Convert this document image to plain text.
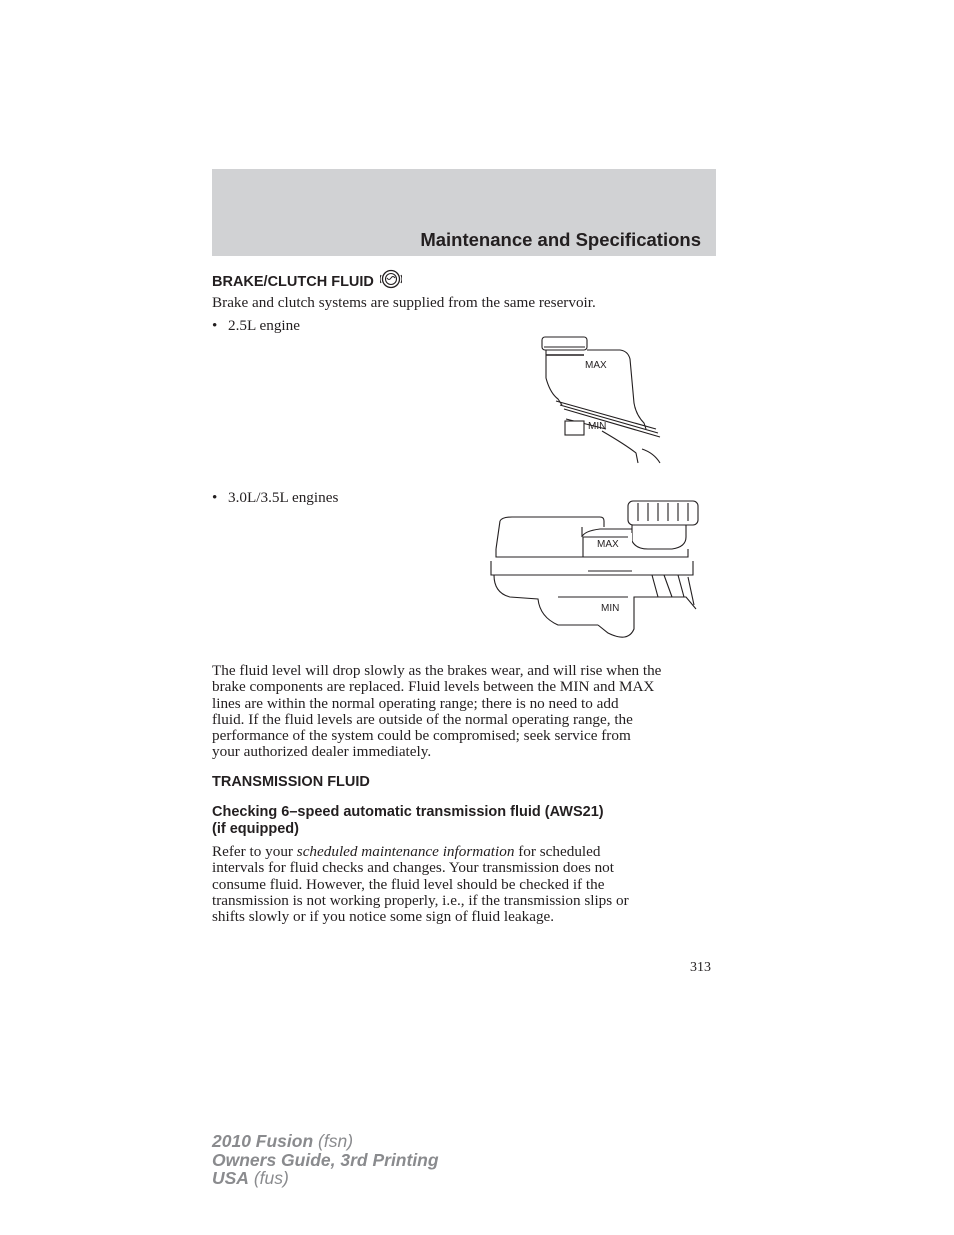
Maintenance and Specifications
BRAKE/CLUTCH FLUID
Brake and clutch systems are supplied from the same reservoir.
• 2.5L engine
MAX
MIN
• 3.0L/3.5L engines
MAX
MIN
The fluid level will drop slowly as the brakes wear, and will rise when the
brake components are replaced. Fluid levels between the MIN and MAX
lines are within the normal operating range; there is no need to add
fluid. If the fluid levels are outside of the normal operating range, the
performance of the system could be compromised; seek service from
your authorized dealer immediately.
TRANSMISSION FLUID
Checking 6–speed automatic transmission fluid (AWS21)
(if equipped)
Refer to your scheduled maintenance information for scheduled
intervals for fluid checks and changes. Your transmission does not
consume fluid. However, the fluid level should be checked if the
transmission is not working properly, i.e., if the transmission slips or
shifts slowly or if you notice some sign of fluid leakage.
313
2010 Fusion (fsn)
Owners Guide, 3rd Printing
USA (fus)
